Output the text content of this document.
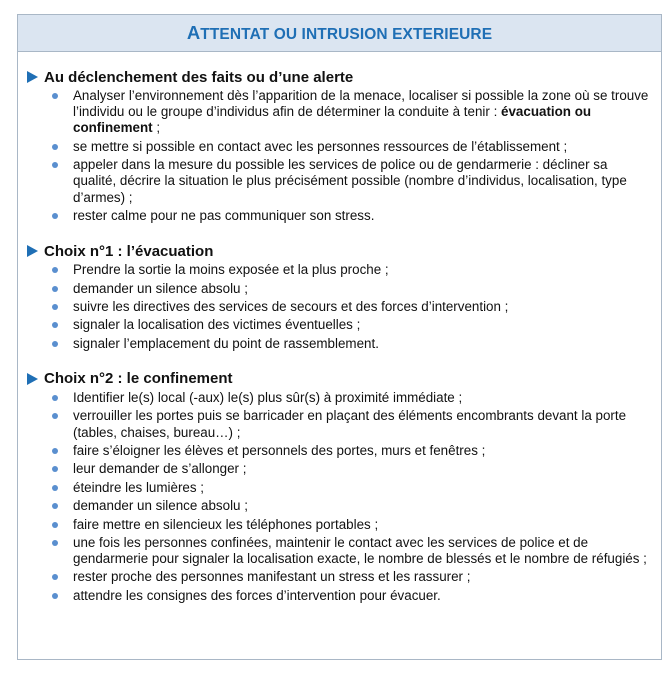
ATTENTAT OU INTRUSION EXTERIEURE
Au déclenchement des faits ou d’une alerte
Analyser l’environnement dès l’apparition de la menace, localiser si possible la zone où se trouve l’individu ou le groupe d’individus afin de déterminer la conduite à tenir : évacuation ou confinement ;
se mettre si possible en contact avec les personnes ressources de l’établissement ;
appeler dans la mesure du possible les services de police ou de gendarmerie : décliner sa qualité, décrire la situation le plus précisément possible (nombre d’individus, localisation, type d’armes) ;
rester calme pour ne pas communiquer son stress.
Choix n°1 : l’évacuation
Prendre la sortie la moins exposée et la plus proche ;
demander un silence absolu ;
suivre les directives des services de secours et des forces d’intervention ;
signaler la localisation des victimes éventuelles ;
signaler l’emplacement du point de rassemblement.
Choix n°2 : le confinement
Identifier le(s) local (-aux) le(s) plus sûr(s) à proximité immédiate ;
verrouiller les portes puis se barricader en plaçant des éléments encombrants devant la porte (tables, chaises, bureau…) ;
faire s’éloigner les élèves et personnels des portes, murs et fenêtres ;
leur demander de s’allonger ;
éteindre les lumières ;
demander un silence absolu ;
faire mettre en silencieux les téléphones portables ;
une fois les personnes confinées, maintenir le contact avec les services de police et de gendarmerie pour signaler la localisation exacte, le nombre de blessés et le nombre de réfugiés ;
rester proche des personnes manifestant un stress et les rassurer ;
attendre les consignes des forces d’intervention pour évacuer.
